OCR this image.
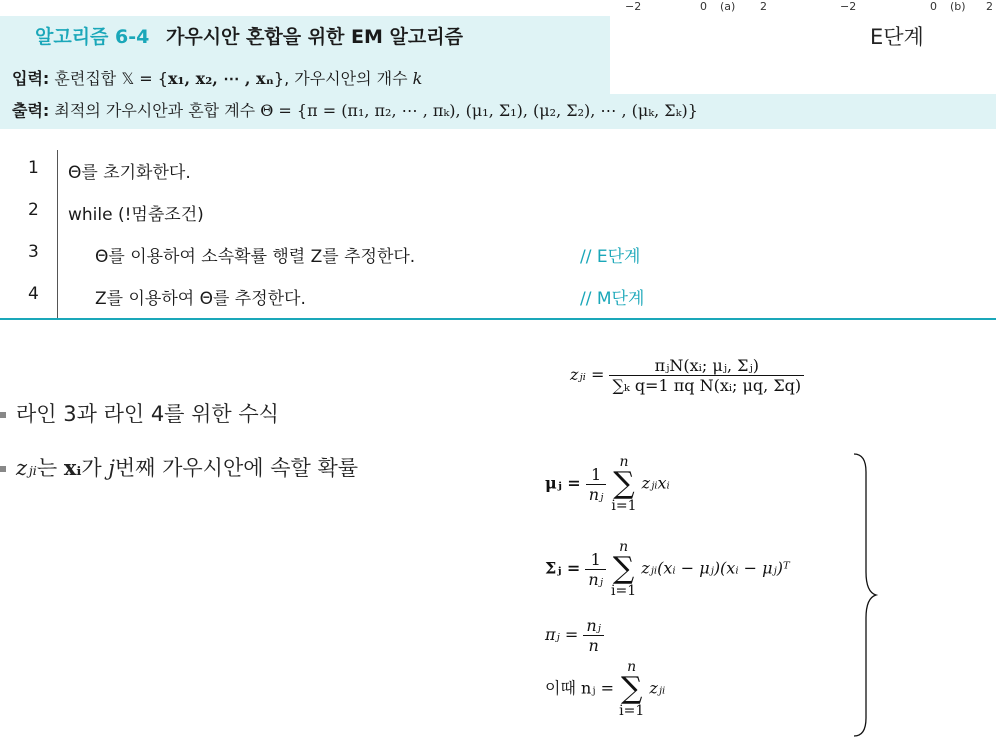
−2	0 (a) 2	−2	0 (b) 2
알고리즘 6-4 가우시안 혼합을 위한 EM 알고리즘
입력: 훈련집합 𝕏 = {x₁, x₂, ⋯ , xₙ}, 가우시안의 개수 k
출력: 최적의 가우시안과 혼합 계수 Θ = {π = (π₁, π₂, ⋯ , πₖ), (μ₁, Σ₁), (μ₂, Σ₂), ⋯ , (μₖ, Σₖ)}
E단계
1	Θ를 초기화한다.
2	while (!멈춤조건)
3	Θ를 이용하여 소속확률 행렬 Z를 추정한다.	// E단계
4	Z를 이용하여 Θ를 추정한다.	// M단계
라인 3과 라인 4를 위한 수식
zⱼᵢ는 xᵢ가 j번째 가우시안에 속할 확률
zⱼᵢ = $\frac{\text{πⱼN(xᵢ; μⱼ, Σⱼ)}}{\text{∑ₖ q=1 πq N(xᵢ; μq, Σq)}}$
μⱼ = $\frac{1}{\text{nⱼ}}$
n
∑
i=1 zⱼᵢxᵢ
Σⱼ = $\frac{1}{\text{nⱼ}}$
n
∑
i=1 zⱼᵢ(xᵢ − μⱼ)(xᵢ − μⱼ)ᵀ
πⱼ = $\frac{\text{nⱼ}}{n}$
이때 nⱼ = n
∑
i=1 zⱼᵢ
